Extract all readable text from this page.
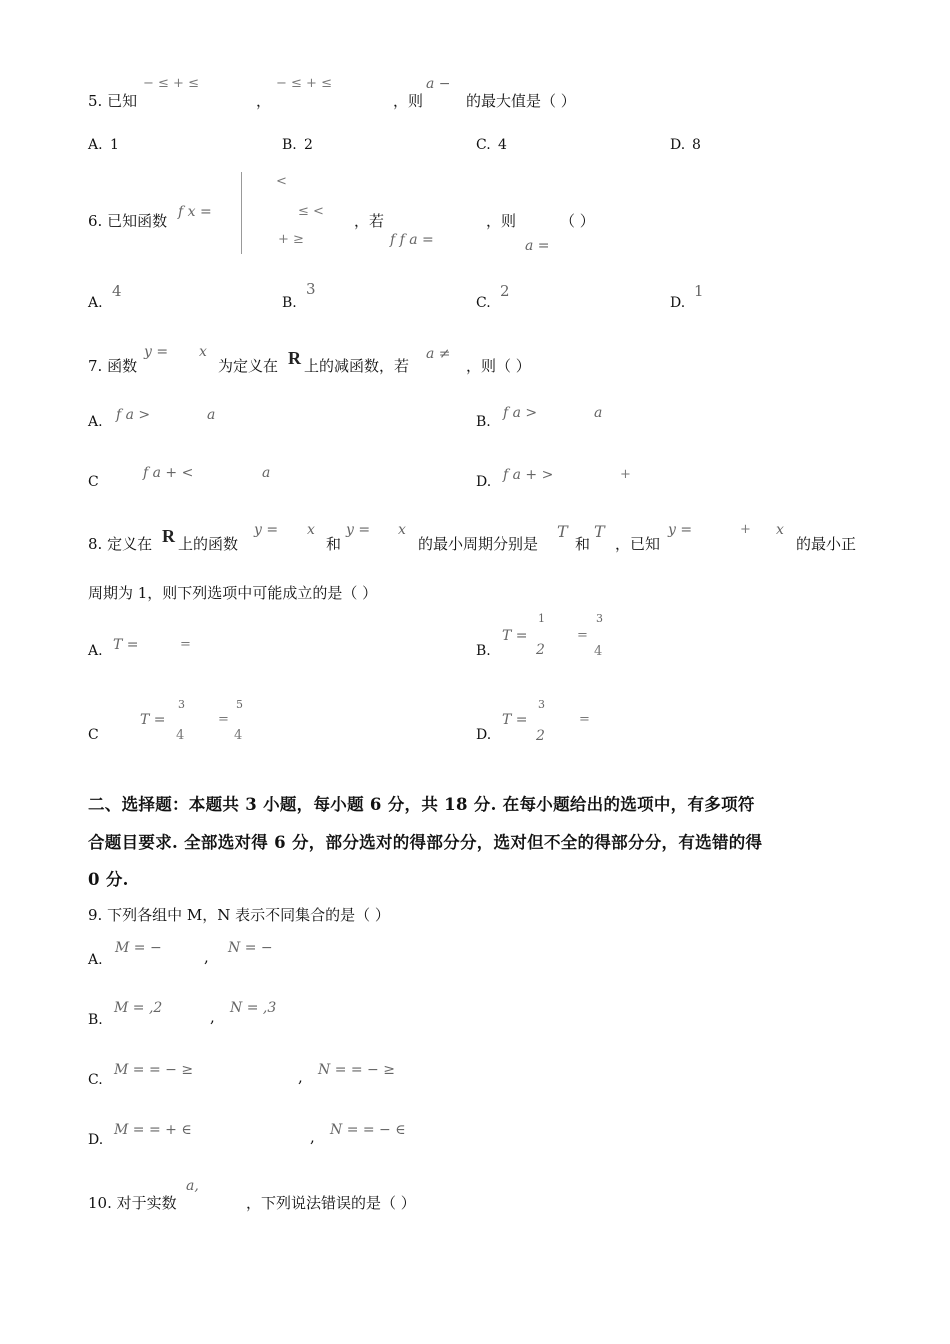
5. 已知
− ≤ + ≤
，
− ≤ + ≤
，则
a −
的最大值是（ ）
A. 1	B. 2	C. 4	D. 8
6. 已知函数 f x =
<
≤ <
+ ≥
，若
f f a =
，则	（ ）
a =
A.
4
B.
3
C.
2
D.
1
7. 函数
y = x
为定义在 R 上的减函数，若
a ≠
，则（ ）
A. f a >	a	B.
f a >	a
C
f a + <	a
D. f a + >	+
8. 定义在 R 上的函数
y = x
和
y = x
的最小周期分别是
T
和
T
，已知
y =	+ x
的最小正
周期为 1，则下列选项中可能成立的是（ ）
A. T =	=	B.
T =
1
2
=
3
4
C
T =
3
4
=
5
4	D.
T =
3
2
=
二、选择题：本题共 3 小题，每小题 6 分，共 18 分. 在每小题给出的选项中，有多项符
合题目要求. 全部选对得 6 分，部分选对的得部分分，选对但不全的得部分分，有选错的得
0 分.
9. 下列各组中 M，N 表示不同集合的是（ ）
A.
M = −	, N = −
B.
M = ,2	, N = ,3
C.
M = = − ≥	, N = = − ≥
D.
M = = + ∈	, N = = − ∈
10. 对于实数
a,
，下列说法错误的是（ ）
